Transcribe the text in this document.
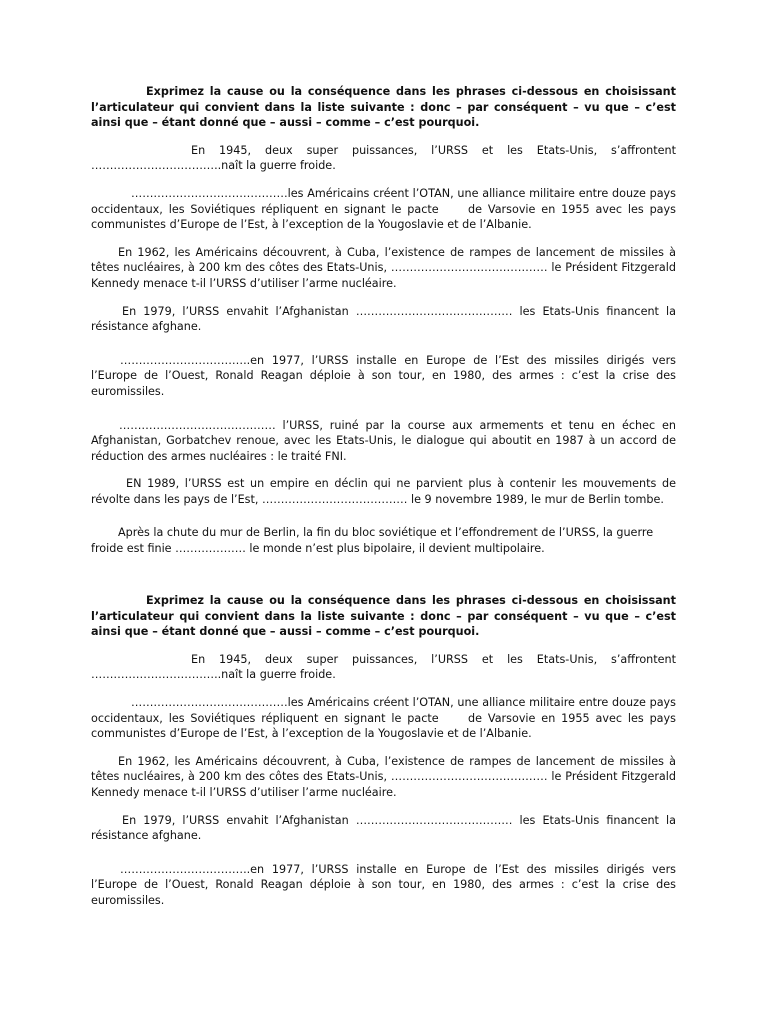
Exprimez la cause ou la conséquence dans les phrases ci-dessous en choisissant l’articulateur qui convient dans la liste suivante : donc – par conséquent – vu que – c’est ainsi que – étant donné que – aussi – comme – c’est pourquoi.

En 1945, deux super puissances, l’URSS et les Etats-Unis, s’affrontent ……………………………..naît la guerre froide.

……………………………………les Américains créent l’OTAN, une alliance militaire entre douze pays occidentaux, les Soviétiques répliquent en signant le pacte     de Varsovie en 1955 avec les pays communistes d’Europe de l’Est, à l’exception de la Yougoslavie et de l’Albanie.

En 1962, les Américains découvrent, à Cuba, l’existence de rampes de lancement de missiles à têtes nucléaires, à 200 km des côtes des Etats-Unis, …………………………………… le Président Fitzgerald Kennedy menace t-il l’URSS d’utiliser l’arme nucléaire.

En 1979, l’URSS envahit l’Afghanistan …………………………………… les Etats-Unis financent la résistance afghane.

……………………………..en 1977, l’URSS installe en Europe de l’Est des missiles dirigés vers l’Europe de l’Ouest, Ronald Reagan déploie à son tour, en 1980, des armes : c’est la crise des euromissiles.

…………………………………… l’URSS, ruiné par la course aux armements et tenu en échec en Afghanistan, Gorbatchev renoue, avec les Etats-Unis, le dialogue qui aboutit en 1987 à un accord de réduction des armes nucléaires : le traité FNI.

EN 1989, l’URSS est un empire en déclin qui ne parvient plus à contenir les mouvements de révolte dans les pays de l’Est, ………………………………… le 9 novembre 1989, le mur de Berlin tombe.

Après la chute du mur de Berlin, la fin du bloc soviétique et l’effondrement de l’URSS, la guerre froide est finie ………………. le monde n’est plus bipolaire, il devient multipolaire.

Exprimez la cause ou la conséquence dans les phrases ci-dessous en choisissant l’articulateur qui convient dans la liste suivante : donc – par conséquent – vu que – c’est ainsi que – étant donné que – aussi – comme – c’est pourquoi.

En 1945, deux super puissances, l’URSS et les Etats-Unis, s’affrontent ……………………………..naît la guerre froide.

……………………………………les Américains créent l’OTAN, une alliance militaire entre douze pays occidentaux, les Soviétiques répliquent en signant le pacte     de Varsovie en 1955 avec les pays communistes d’Europe de l’Est, à l’exception de la Yougoslavie et de l’Albanie.

En 1962, les Américains découvrent, à Cuba, l’existence de rampes de lancement de missiles à têtes nucléaires, à 200 km des côtes des Etats-Unis, …………………………………… le Président Fitzgerald Kennedy menace t-il l’URSS d’utiliser l’arme nucléaire.

En 1979, l’URSS envahit l’Afghanistan …………………………………… les Etats-Unis financent la résistance afghane.

……………………………..en 1977, l’URSS installe en Europe de l’Est des missiles dirigés vers l’Europe de l’Ouest, Ronald Reagan déploie à son tour, en 1980, des armes : c’est la crise des euromissiles.
